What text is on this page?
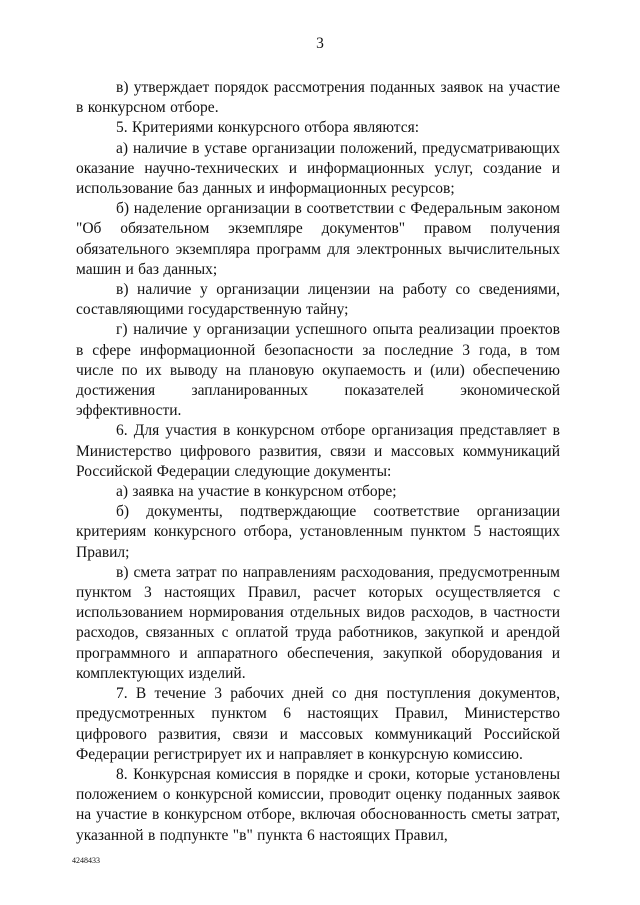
3

в) утверждает порядок рассмотрения поданных заявок на участие в конкурсном отборе.

5. Критериями конкурсного отбора являются:

а) наличие в уставе организации положений, предусматривающих оказание научно-технических и информационных услуг, создание и использование баз данных и информационных ресурсов;

б) наделение организации в соответствии с Федеральным законом "Об обязательном экземпляре документов" правом получения обязательного экземпляра программ для электронных вычислительных машин и баз данных;

в) наличие у организации лицензии на работу со сведениями, составляющими государственную тайну;

г) наличие у организации успешного опыта реализации проектов в сфере информационной безопасности за последние 3 года, в том числе по их выводу на плановую окупаемость и (или) обеспечению достижения запланированных показателей экономической эффективности.

6. Для участия в конкурсном отборе организация представляет в Министерство цифрового развития, связи и массовых коммуникаций Российской Федерации следующие документы:

а) заявка на участие в конкурсном отборе;

б) документы, подтверждающие соответствие организации критериям конкурсного отбора, установленным пунктом 5 настоящих Правил;

в) смета затрат по направлениям расходования, предусмотренным пунктом 3 настоящих Правил, расчет которых осуществляется с использованием нормирования отдельных видов расходов, в частности расходов, связанных с оплатой труда работников, закупкой и арендой программного и аппаратного обеспечения, закупкой оборудования и комплектующих изделий.

7. В течение 3 рабочих дней со дня поступления документов, предусмотренных пунктом 6 настоящих Правил, Министерство цифрового развития, связи и массовых коммуникаций Российской Федерации регистрирует их и направляет в конкурсную комиссию.

8. Конкурсная комиссия в порядке и сроки, которые установлены положением о конкурсной комиссии, проводит оценку поданных заявок на участие в конкурсном отборе, включая обоснованность сметы затрат, указанной в подпункте "в" пункта 6 настоящих Правил,

4248433
